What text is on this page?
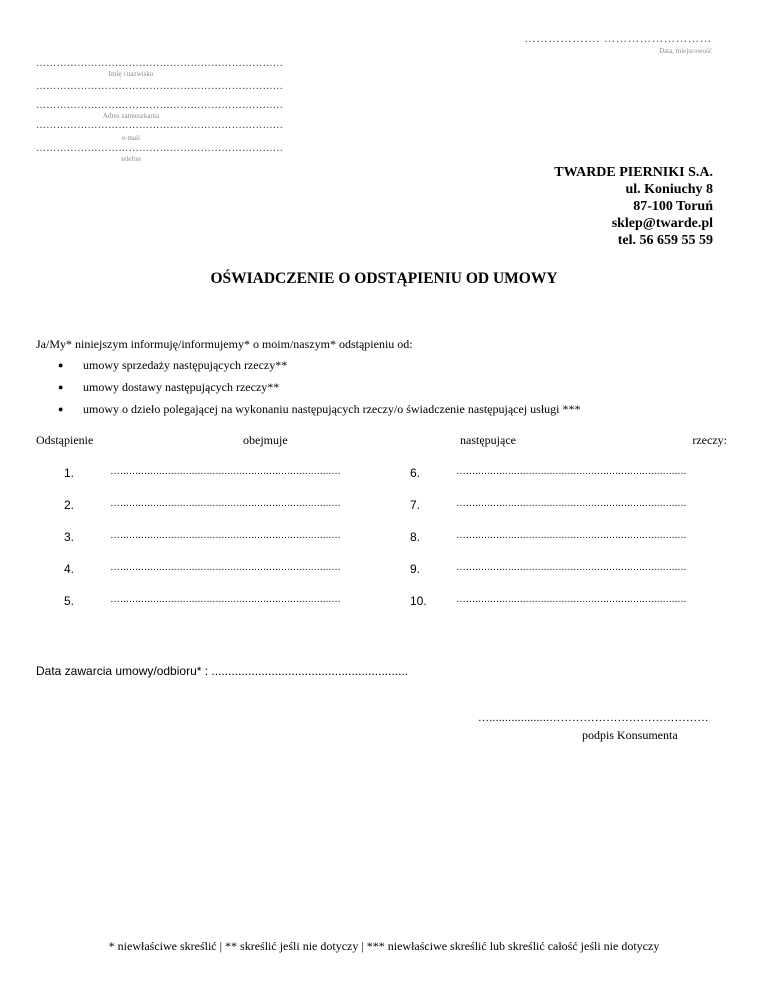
………………. ………………………
Data, miejscowość
………………………………………………………………
Imię i nazwisko
………………………………………………………………
………………………………………………………………
Adres zamieszkania
………………………………………………………………
e-mail
………………………………………………………………
telefon
TWARDE PIERNIKI S.A.
ul. Koniuchy 8
87-100 Toruń
sklep@twarde.pl
tel. 56 659 55 59
OŚWIADCZENIE O ODSTĄPIENIU OD UMOWY
Ja/My* niniejszym informuję/informujemy* o moim/naszym* odstąpieniu od:
● umowy sprzedaży następujących rzeczy**
● umowy dostawy następujących rzeczy**
● umowy o dzieło polegającej na wykonaniu następujących rzeczy/o świadczenie następującej usługi ***
Odstąpienie	obejmuje	następujące	rzeczy:
1.	…..........................................................................	6.	…..........................................................................
2.	…..........................................................................	7.	…..........................................................................
3.	…..........................................................................	8.	…..........................................................................
4.	…..........................................................................	9.	…..........................................................................
5.	…..........................................................................	10.	…..........................................................................
Data zawarcia umowy/odbioru* : ...........................................................
…...................……………………………………
podpis Konsumenta
* niewłaściwe skreślić | ** skreślić jeśli nie dotyczy | *** niewłaściwe skreślić lub skreślić całość jeśli nie dotyczy
